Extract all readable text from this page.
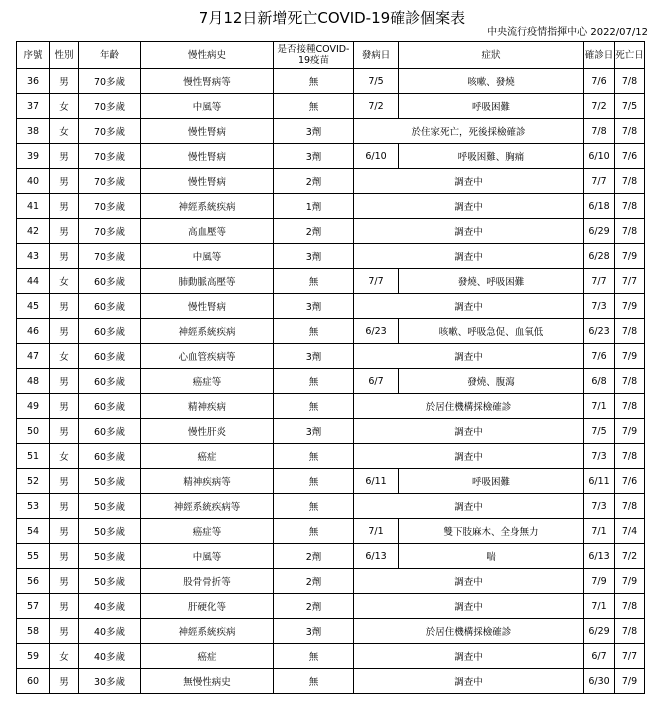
7月12日新增死亡COVID-19確診個案表
中央流行疫情指揮中心 2022/07/12
序號	性別	年齡	慢性病史	是否接種COVID-19疫苗	發病日	症狀	確診日	死亡日
36	男	70多歲	慢性腎病等	無	7/5	咳嗽、發燒	7/6	7/8
37	女	70多歲	中風等	無	7/2	呼吸困難	7/2	7/5
38	女	70多歲	慢性腎病	3劑	於住家死亡，死後採檢確診		7/8	7/8
39	男	70多歲	慢性腎病	3劑	6/10	呼吸困難、胸痛	6/10	7/6
40	男	70多歲	慢性腎病	2劑	調查中		7/7	7/8
41	男	70多歲	神經系統疾病	1劑	調查中		6/18	7/8
42	男	70多歲	高血壓等	2劑	調查中		6/29	7/8
43	男	70多歲	中風等	3劑	調查中		6/28	7/9
44	女	60多歲	肺動脈高壓等	無	7/7	發燒、呼吸困難	7/7	7/7
45	男	60多歲	慢性腎病	3劑	調查中		7/3	7/9
46	男	60多歲	神經系統疾病	無	6/23	咳嗽、呼吸急促、血氧低	6/23	7/8
47	女	60多歲	心血管疾病等	3劑	調查中		7/6	7/9
48	男	60多歲	癌症等	無	6/7	發燒、腹瀉	6/8	7/8
49	男	60多歲	精神疾病	無	於居住機構採檢確診		7/1	7/8
50	男	60多歲	慢性肝炎	3劑	調查中		7/5	7/9
51	女	60多歲	癌症	無	調查中		7/3	7/8
52	男	50多歲	精神疾病等	無	6/11	呼吸困難	6/11	7/6
53	男	50多歲	神經系統疾病等	無	調查中		7/3	7/8
54	男	50多歲	癌症等	無	7/1	雙下肢麻木、全身無力	7/1	7/4
55	男	50多歲	中風等	2劑	6/13	喘	6/13	7/2
56	男	50多歲	股骨骨折等	2劑	調查中		7/9	7/9
57	男	40多歲	肝硬化等	2劑	調查中		7/1	7/8
58	男	40多歲	神經系統疾病	3劑	於居住機構採檢確診		6/29	7/8
59	女	40多歲	癌症	無	調查中		6/7	7/7
60	男	30多歲	無慢性病史	無	調查中		6/30	7/9
